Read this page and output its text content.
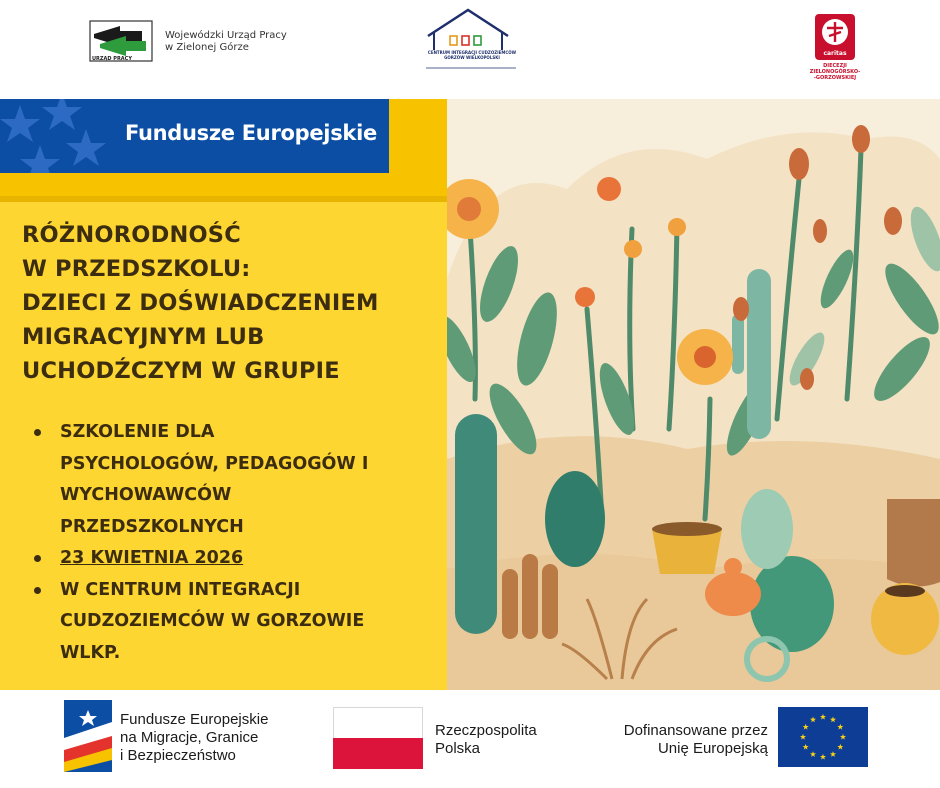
Wojewódzki Urząd Pracy
w Zielonej Górze
URZĄD PRACY
CENTRUM INTEGRACJI CUDZOZIEMCÓW
GORZÓW WIELKOPOLSKI
caritas
DIECEZJI
ZIELONOGÓRSKO-
-GORZOWSKIEJ
Fundusze Europejskie
RÓŻNORODNOŚĆ
W PRZEDSZKOLU:
DZIECI Z DOŚWIADCZENIEM
MIGRACYJNYM LUB
UCHODŹCZYM W GRUPIE
SZKOLENIE DLA
PSYCHOLOGÓW, PEDAGOGÓW I
WYCHOWAWCÓW
PRZEDSZKOLNYCH
23 KWIETNIA 2026
W CENTRUM INTEGRACJI
CUDZOZIEMCÓW W GORZOWIE
WLKP.
Fundusze Europejskie
na Migracje, Granice
i Bezpieczeństwo
Rzeczpospolita
Polska
Dofinansowane przez
Unię Europejską
